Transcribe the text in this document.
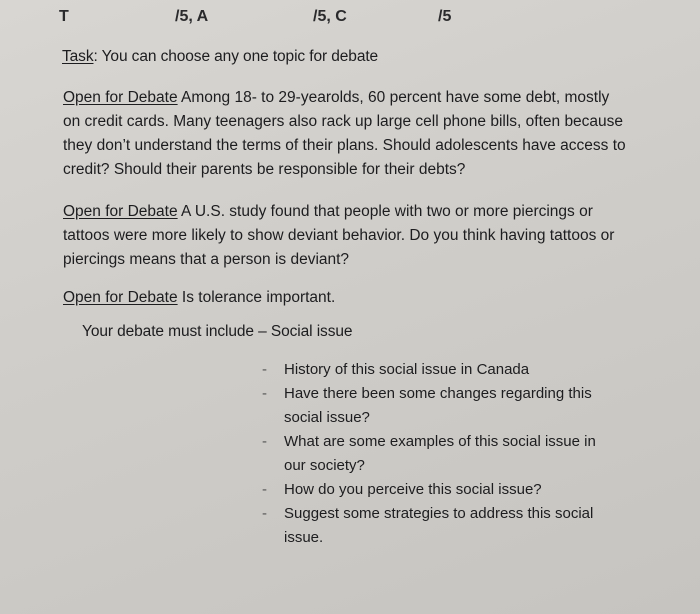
T	/5, A	/5, C	/5
Task: You can choose any one topic for debate
Open for Debate Among 18- to 29-yearolds, 60 percent have some debt, mostly
on credit cards. Many teenagers also rack up large cell phone bills, often because
they don’t understand the terms of their plans. Should adolescents have access to
credit? Should their parents be responsible for their debts?
Open for Debate A U.S. study found that people with two or more piercings or
tattoos were more likely to show deviant behavior. Do you think having tattoos or
piercings means that a person is deviant?
Open for Debate Is tolerance important.
Your debate must include – Social issue
- History of this social issue in Canada
- Have there been some changes regarding this
social issue?
- What are some examples of this social issue in
our society?
- How do you perceive this social issue?
- Suggest some strategies to address this social
issue.
